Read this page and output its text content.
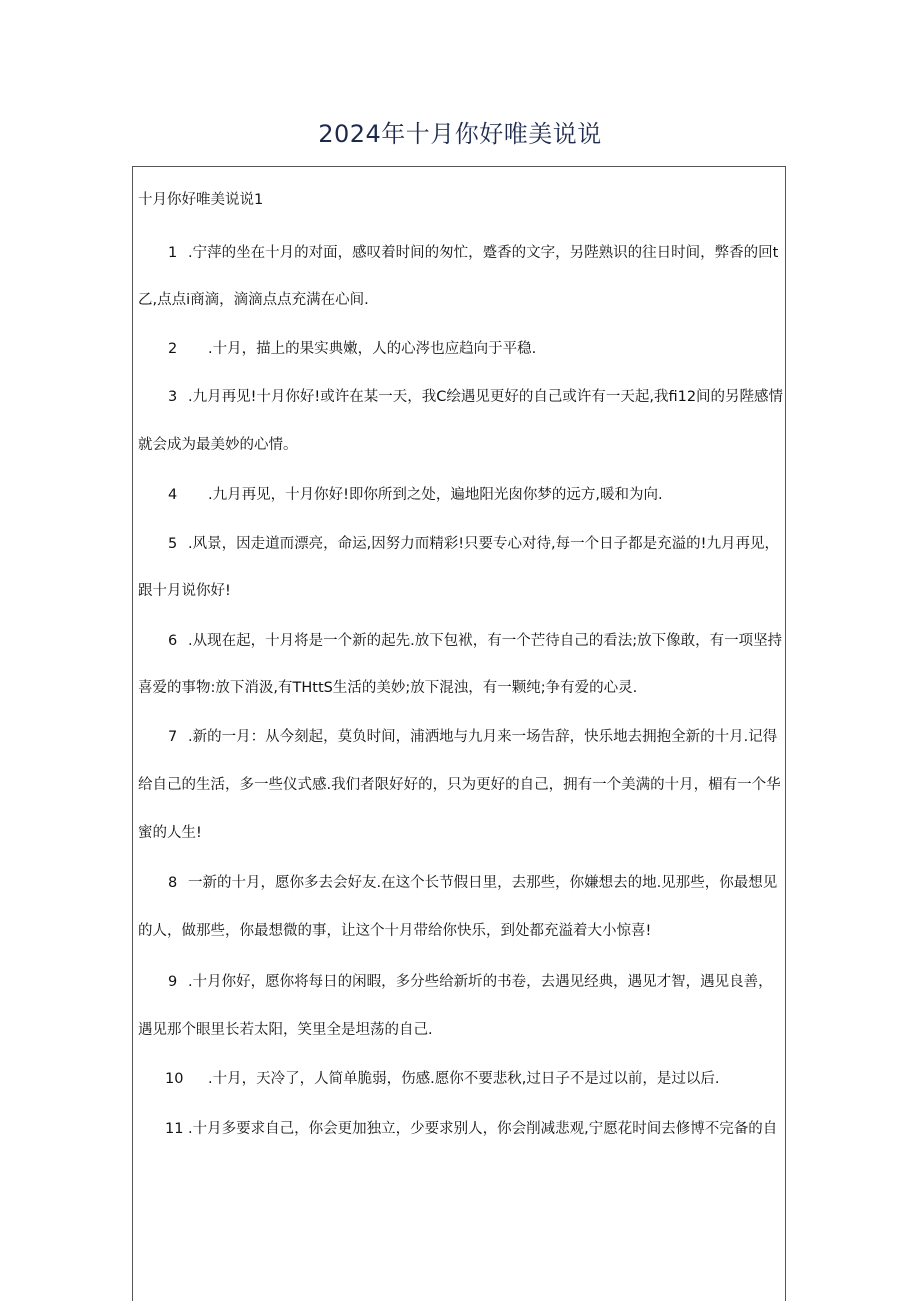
2024年十月你好唯美说说
十月你好唯美说说1
1 .宁萍的坐在十月的对面，感叹着时间的匆忙，蹙香的文字，另陛熟识的往日时间，弊香的回t
乙,点点i商滴，滴滴点点充满在心间.
2 .十月，描上的果实典嫩，人的心涔也应趋向于平稳.
3 .九月再见!十月你好!或许在某一天，我C绘遇见更好的自己或许有一天起,我fi12间的另陛感情
就会成为最美妙的心情。
4 .九月再见，十月你好!即你所到之处，遍地阳光囱你梦的远方,暖和为向.
5 .风景，因走道而漂亮，命运,因努力而精彩!只要专心对待,每一个日子都是充溢的!九月再见，
跟十月说你好!
6 .从现在起，十月将是一个新的起先.放下包袱，有一个芒待自己的看法;放下像敢，有一项坚持
喜爱的事物:放下消汲,有THttS生活的美妙;放下混浊，有一颗纯;争有爱的心灵.
7 .新的一月：从今刻起，莫负时间，浦洒地与九月来一场告辞，快乐地去拥抱全新的十月.记得
给自己的生活，多一些仪式感.我们者限好好的，只为更好的自己，拥有一个美满的十月，楣有一个华
蜜的人生!
8 一新的十月，愿你多去会好友.在这个长节假日里，去那些，你嫌想去的地.见那些，你最想见
的人，做那些，你最想微的事，让这个十月带给你快乐，到处都充溢着大小惊喜!
9 .十月你好，愿你将每日的闲暇，多分些给新圻的书卷，去遇见经典，遇见才智，遇见良善，
遇见那个眼里长若太阳，笑里全是坦荡的自己.
10 .十月，天冷了，人简单脆弱，伤感.愿你不要悲秋,过日子不是过以前，是过以后.
11 .十月多要求自己，你会更加独立，少要求别人，你会削减悲观,宁愿花时间去修博不完备的自
